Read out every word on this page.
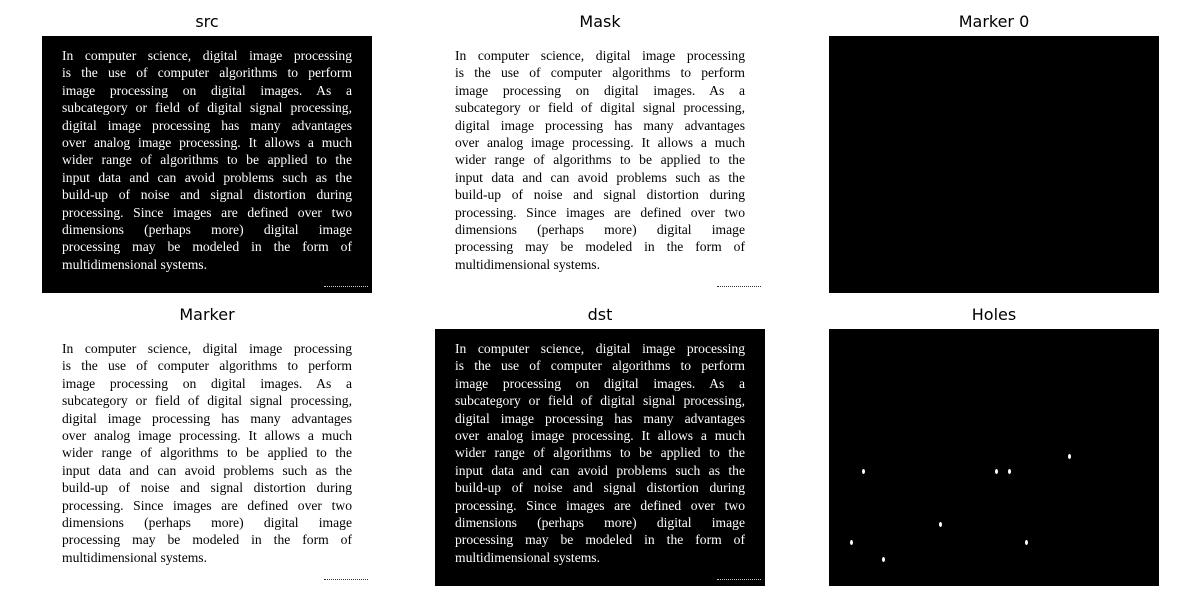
src
In computer science, digital image processing
is the use of computer algorithms to perform
image processing on digital images. As a
subcategory or field of digital signal processing,
digital image processing has many advantages
over analog image processing. It allows a much
wider range of algorithms to be applied to the
input data and can avoid problems such as the
build-up of noise and signal distortion during
processing. Since images are defined over two
dimensions (perhaps more) digital image
processing may be modeled in the form of
multidimensional systems.
Mask
In computer science, digital image processing
is the use of computer algorithms to perform
image processing on digital images. As a
subcategory or field of digital signal processing,
digital image processing has many advantages
over analog image processing. It allows a much
wider range of algorithms to be applied to the
input data and can avoid problems such as the
build-up of noise and signal distortion during
processing. Since images are defined over two
dimensions (perhaps more) digital image
processing may be modeled in the form of
multidimensional systems.
Marker 0
Marker
In computer science, digital image processing
is the use of computer algorithms to perform
image processing on digital images. As a
subcategory or field of digital signal processing,
digital image processing has many advantages
over analog image processing. It allows a much
wider range of algorithms to be applied to the
input data and can avoid problems such as the
build-up of noise and signal distortion during
processing. Since images are defined over two
dimensions (perhaps more) digital image
processing may be modeled in the form of
multidimensional systems.
dst
In computer science, digital image processing
is the use of computer algorithms to perform
image processing on digital images. As a
subcategory or field of digital signal processing,
digital image processing has many advantages
over analog image processing. It allows a much
wider range of algorithms to be applied to the
input data and can avoid problems such as the
build-up of noise and signal distortion during
processing. Since images are defined over two
dimensions (perhaps more) digital image
processing may be modeled in the form of
multidimensional systems.
Holes
